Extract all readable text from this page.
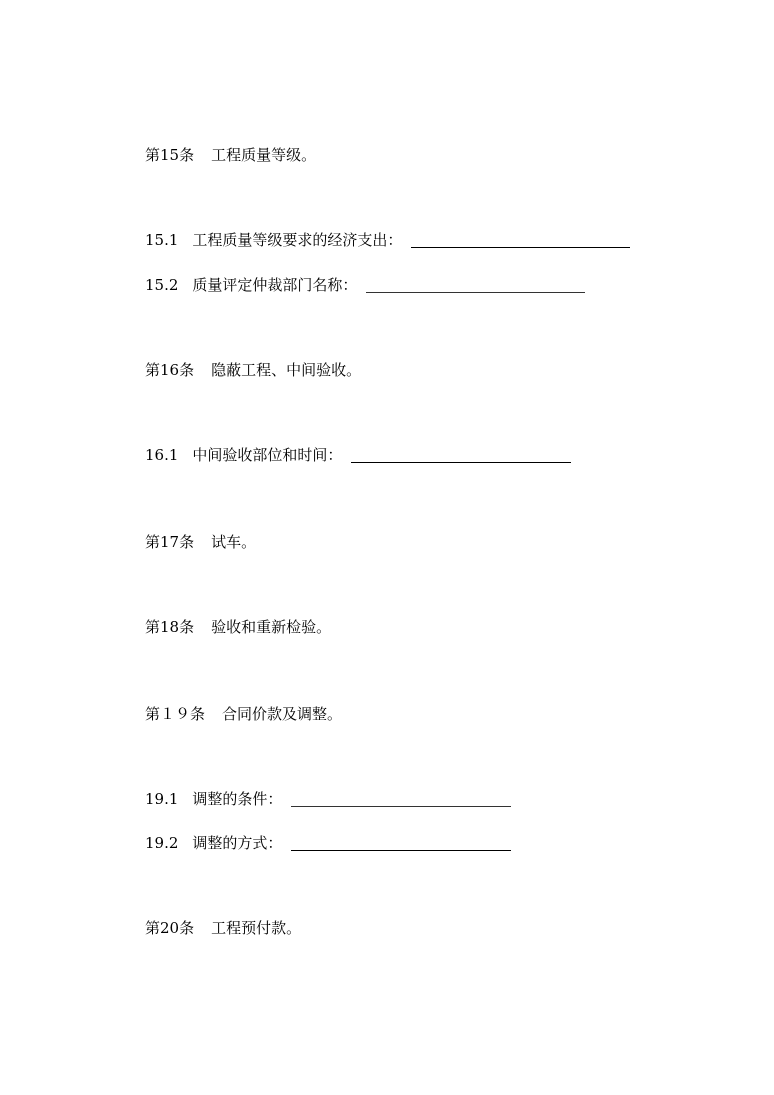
第15条 工程质量等级。
15.1 工程质量等级要求的经济支出：
15.2 质量评定仲裁部门名称：
第16条 隐蔽工程、中间验收。
16.1 中间验收部位和时间：
第17条 试车。
第18条 验收和重新检验。
第１９条 合同价款及调整。
19.1 调整的条件：
19.2 调整的方式：
第20条 工程预付款。
